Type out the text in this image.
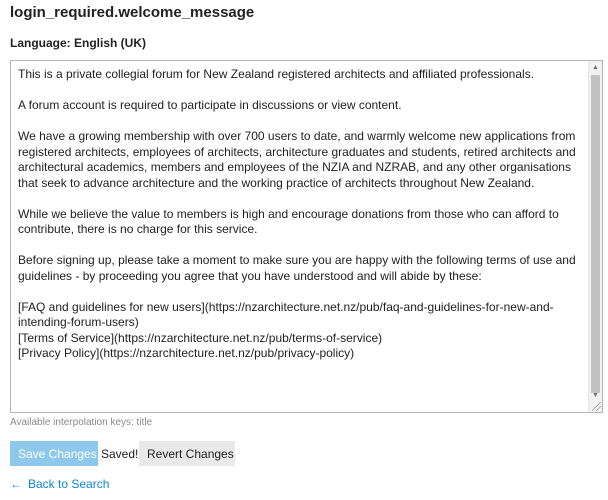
login_required.welcome_message
Language: English (UK)

This is a private collegial forum for New Zealand registered architects and affiliated professionals.

A forum account is required to participate in discussions or view content.

We have a growing membership with over 700 users to date, and warmly welcome new applications from registered architects, employees of architects, architecture graduates and students, retired architects and architectural academics, members and employees of the NZIA and NZRAB, and any other organisations that seek to advance architecture and the working practice of architects throughout New Zealand.

While we believe the value to members is high and encourage donations from those who can afford to contribute, there is no charge for this service.

Before signing up, please take a moment to make sure you are happy with the following terms of use and guidelines - by proceeding you agree that you have understood and will abide by these:

[FAQ and guidelines for new users](https://nzarchitecture.net.nz/pub/faq-and-guidelines-for-new-and-intending-forum-users)

[Terms of Service](https://nzarchitecture.net.nz/pub/terms-of-service)

[Privacy Policy](https://nzarchitecture.net.nz/pub/privacy-policy)

▲
▼
Available interpolation keys: title
Save Changes Saved! Revert Changes
← Back to Search
